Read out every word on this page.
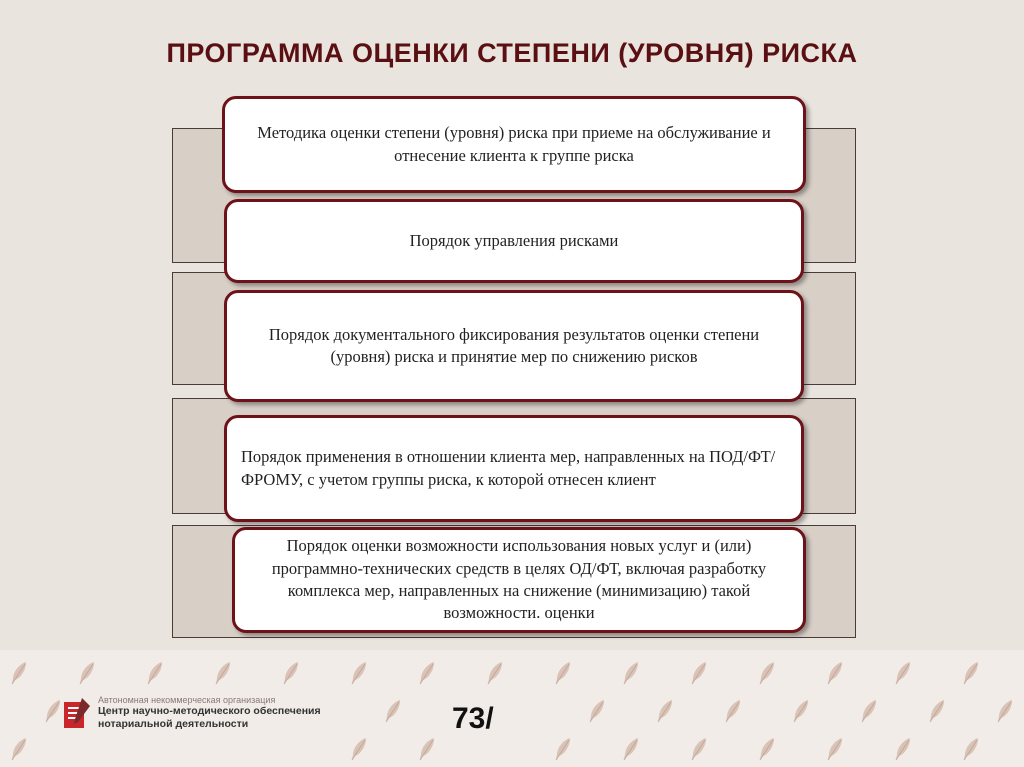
ПРОГРАММА ОЦЕНКИ СТЕПЕНИ (УРОВНЯ) РИСКА
Методика оценки степени (уровня) риска при приеме на обслуживание и отнесение клиента к группе риска
Порядок управления рисками
Порядок документального фиксирования результатов оценки степени (уровня) риска и принятие мер по снижению рисков
Порядок применения в отношении клиента мер, направленных на ПОД/ФТ/ФРОМУ, с учетом группы риска, к которой отнесен клиент
Порядок оценки возможности использования новых услуг и (или) программно-технических средств в целях ОД/ФТ, включая разработку комплекса мер, направленных на снижение (минимизацию) такой возможности. оценки
Автономная некоммерческая организация
Центр научно-методического обеспечения
нотариальной деятельности	73/
